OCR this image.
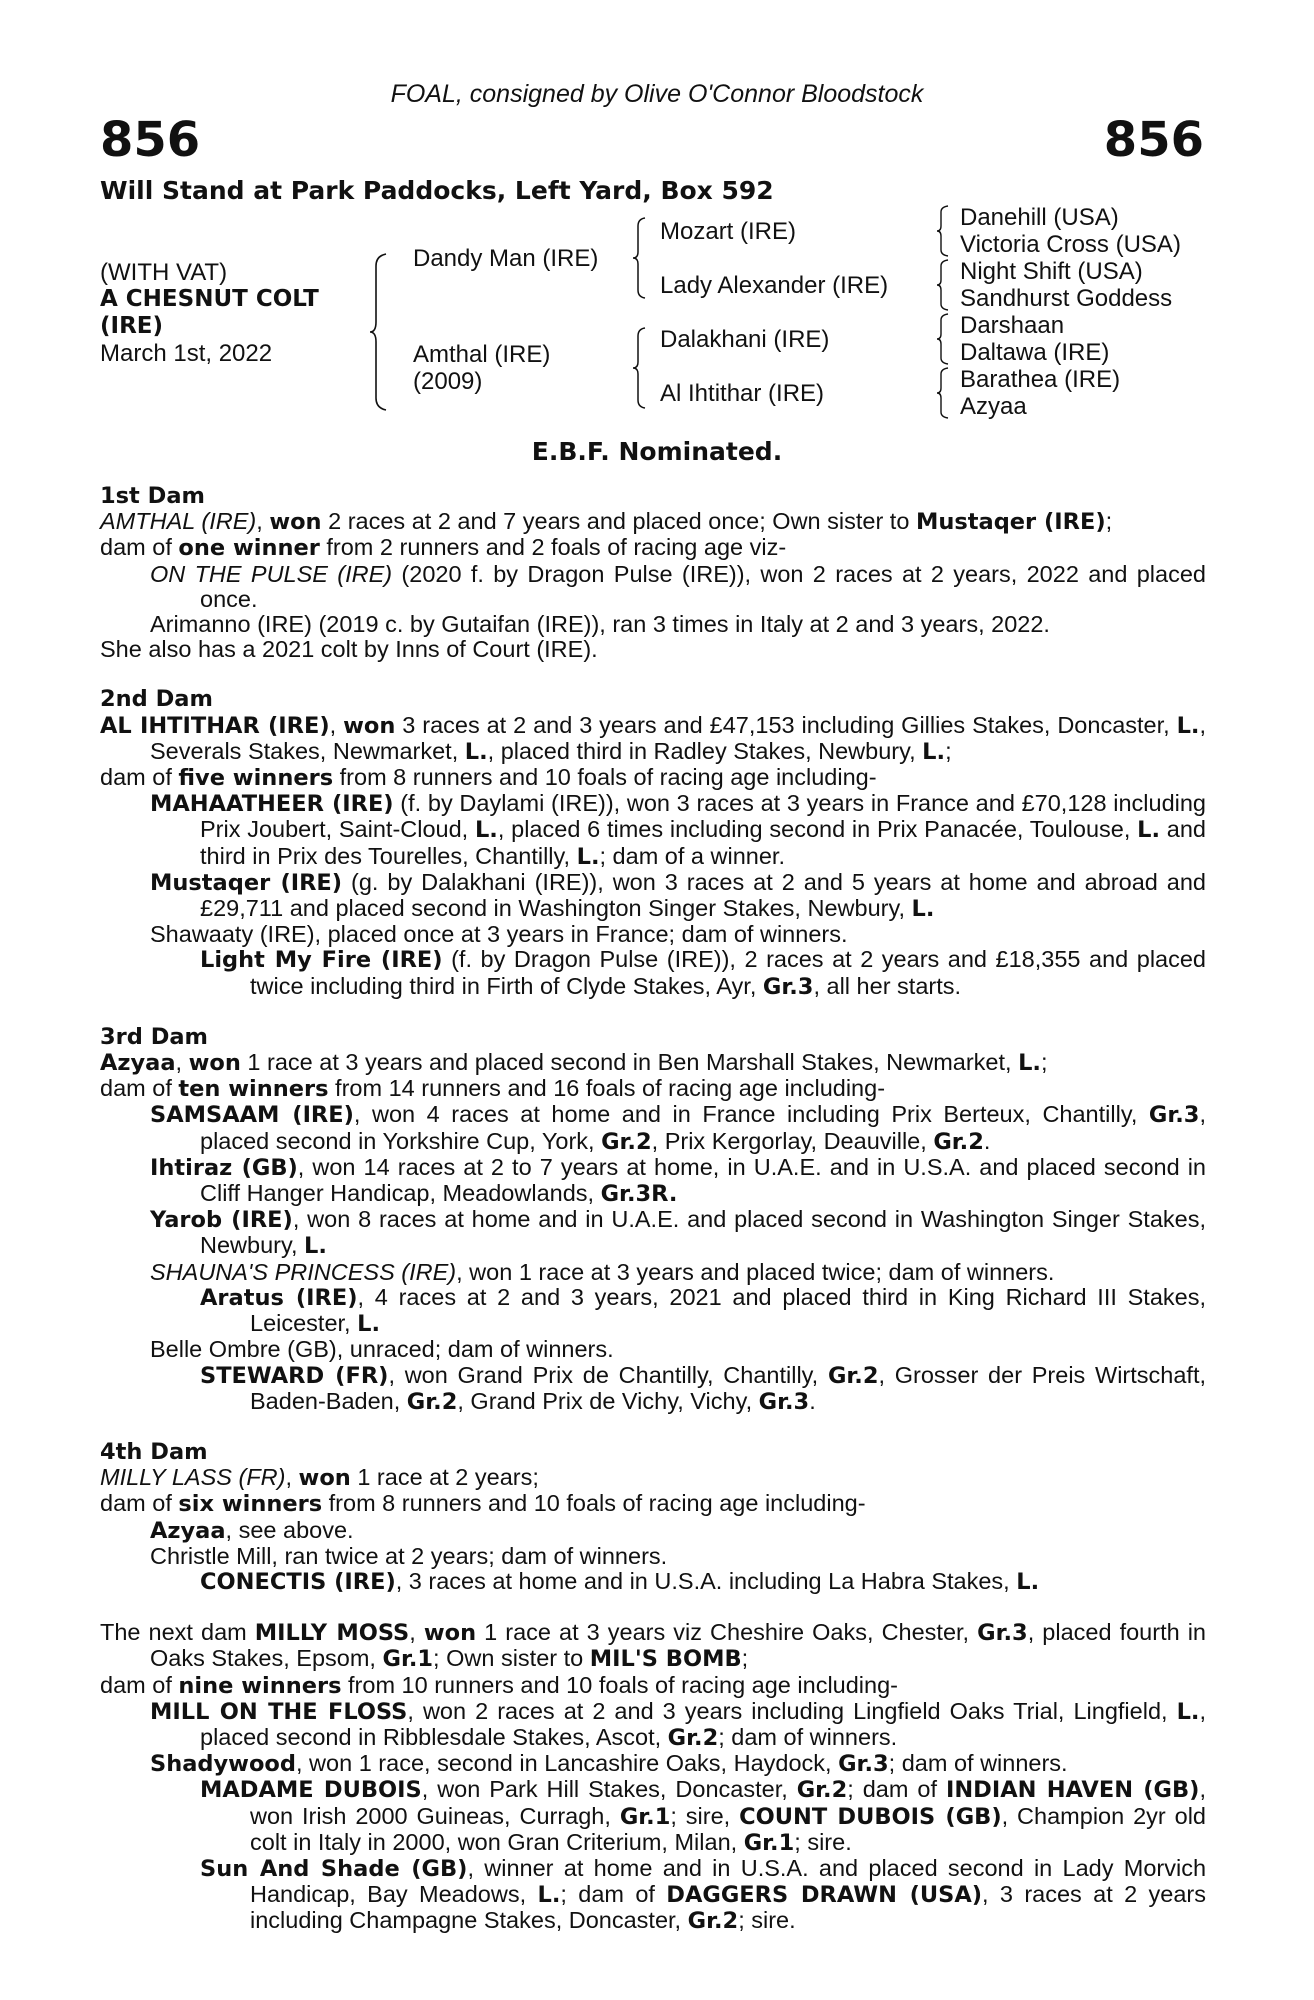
FOAL, consigned by Olive O'Connor Bloodstock
856	856
Will Stand at Park Paddocks, Left Yard, Box 592
(WITH VAT)
A CHESNUT COLT
(IRE)
March 1st, 2022
Dandy Man (IRE)
Amthal (IRE)
(2009)
Mozart (IRE)
Lady Alexander (IRE)
Dalakhani (IRE)
Al Ihtithar (IRE)
Danehill (USA)
Victoria Cross (USA)
Night Shift (USA)
Sandhurst Goddess
Darshaan
Daltawa (IRE)
Barathea (IRE)
Azyaa
E.B.F. Nominated.

1st Dam

AMTHAL (IRE), won 2 races at 2 and 7 years and placed once; Own sister to Mustaqer (IRE);

dam of one winner from 2 runners and 2 foals of racing age viz-

ON THE PULSE (IRE) (2020 f. by Dragon Pulse (IRE)), won 2 races at 2 years, 2022 and placed once.

Arimanno (IRE) (2019 c. by Gutaifan (IRE)), ran 3 times in Italy at 2 and 3 years, 2022.

She also has a 2021 colt by Inns of Court (IRE).

2nd Dam

AL IHTITHAR (IRE), won 3 races at 2 and 3 years and £47,153 including Gillies Stakes, Doncaster, L., Severals Stakes, Newmarket, L., placed third in Radley Stakes, Newbury, L.;

dam of five winners from 8 runners and 10 foals of racing age including-

MAHAATHEER (IRE) (f. by Daylami (IRE)), won 3 races at 3 years in France and £70,128 including Prix Joubert, Saint-Cloud, L., placed 6 times including second in Prix Panacée, Toulouse, L. and third in Prix des Tourelles, Chantilly, L.; dam of a winner.

Mustaqer (IRE) (g. by Dalakhani (IRE)), won 3 races at 2 and 5 years at home and abroad and £29,711 and placed second in Washington Singer Stakes, Newbury, L.

Shawaaty (IRE), placed once at 3 years in France; dam of winners.

Light My Fire (IRE) (f. by Dragon Pulse (IRE)), 2 races at 2 years and £18,355 and placed twice including third in Firth of Clyde Stakes, Ayr, Gr.3, all her starts.

3rd Dam

Azyaa, won 1 race at 3 years and placed second in Ben Marshall Stakes, Newmarket, L.;

dam of ten winners from 14 runners and 16 foals of racing age including-

SAMSAAM (IRE), won 4 races at home and in France including Prix Berteux, Chantilly, Gr.3, placed second in Yorkshire Cup, York, Gr.2, Prix Kergorlay, Deauville, Gr.2.

Ihtiraz (GB), won 14 races at 2 to 7 years at home, in U.A.E. and in U.S.A. and placed second in Cliff Hanger Handicap, Meadowlands, Gr.3R.

Yarob (IRE), won 8 races at home and in U.A.E. and placed second in Washington Singer Stakes, Newbury, L.

SHAUNA'S PRINCESS (IRE), won 1 race at 3 years and placed twice; dam of winners.

Aratus (IRE), 4 races at 2 and 3 years, 2021 and placed third in King Richard III Stakes, Leicester, L.

Belle Ombre (GB), unraced; dam of winners.

STEWARD (FR), won Grand Prix de Chantilly, Chantilly, Gr.2, Grosser der Preis Wirtschaft, Baden-Baden, Gr.2, Grand Prix de Vichy, Vichy, Gr.3.

4th Dam

MILLY LASS (FR), won 1 race at 2 years;

dam of six winners from 8 runners and 10 foals of racing age including-

Azyaa, see above.

Christle Mill, ran twice at 2 years; dam of winners.

CONECTIS (IRE), 3 races at home and in U.S.A. including La Habra Stakes, L.

The next dam MILLY MOSS, won 1 race at 3 years viz Cheshire Oaks, Chester, Gr.3, placed fourth in Oaks Stakes, Epsom, Gr.1; Own sister to MIL'S BOMB;

dam of nine winners from 10 runners and 10 foals of racing age including-

MILL ON THE FLOSS, won 2 races at 2 and 3 years including Lingfield Oaks Trial, Lingfield, L., placed second in Ribblesdale Stakes, Ascot, Gr.2; dam of winners.

Shadywood, won 1 race, second in Lancashire Oaks, Haydock, Gr.3; dam of winners.

MADAME DUBOIS, won Park Hill Stakes, Doncaster, Gr.2; dam of INDIAN HAVEN (GB), won Irish 2000 Guineas, Curragh, Gr.1; sire, COUNT DUBOIS (GB), Champion 2yr old colt in Italy in 2000, won Gran Criterium, Milan, Gr.1; sire.

Sun And Shade (GB), winner at home and in U.S.A. and placed second in Lady Morvich Handicap, Bay Meadows, L.; dam of DAGGERS DRAWN (USA), 3 races at 2 years including Champagne Stakes, Doncaster, Gr.2; sire.
